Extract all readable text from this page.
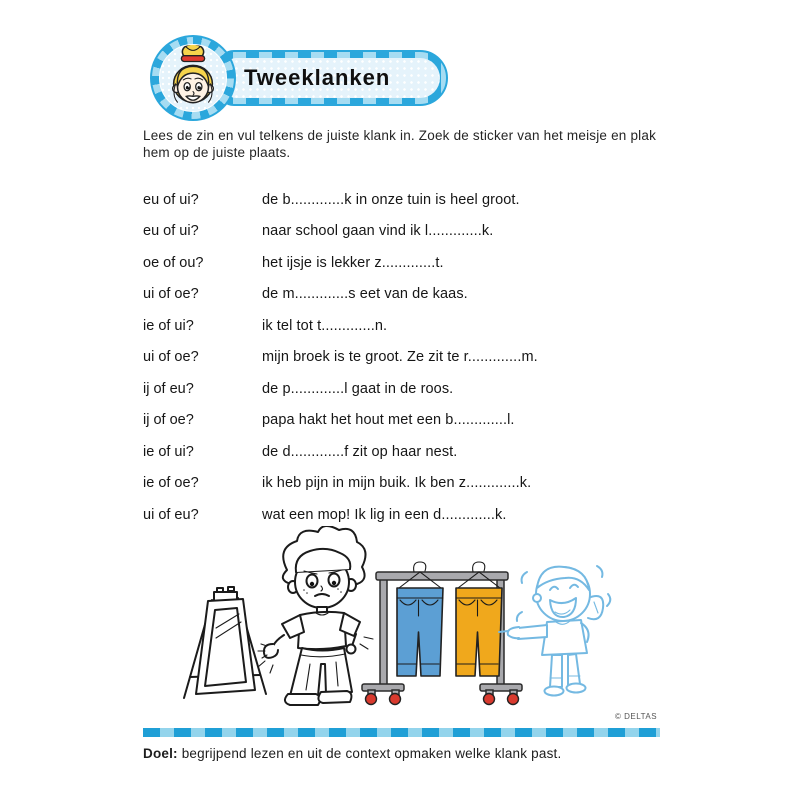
Tweeklanken

Lees de zin en vul telkens de juiste klank in. Zoek de sticker van het meisje en plak hem op de juiste plaats.

eu of ui?	de b.............k in onze tuin is heel groot.
eu of ui?	naar school gaan vind ik l.............k.
oe of ou?	het ijsje is lekker z.............t.
ui of oe?	de m.............s eet van de kaas.
ie of ui?	ik tel tot t.............n.
ui of oe?	mijn broek is te groot. Ze zit te r.............m.
ij of eu?	de p.............l gaat in de roos.
ij of oe?	papa hakt het hout met een b.............l.
ie of ui?	de d.............f zit op haar nest.
ie of oe?	ik heb pijn in mijn buik. Ik ben z.............k.
ui of eu?	wat een mop! Ik lig in een d.............k.
© DELTAS

Doel: begrijpend lezen en uit de context opmaken welke klank past.
